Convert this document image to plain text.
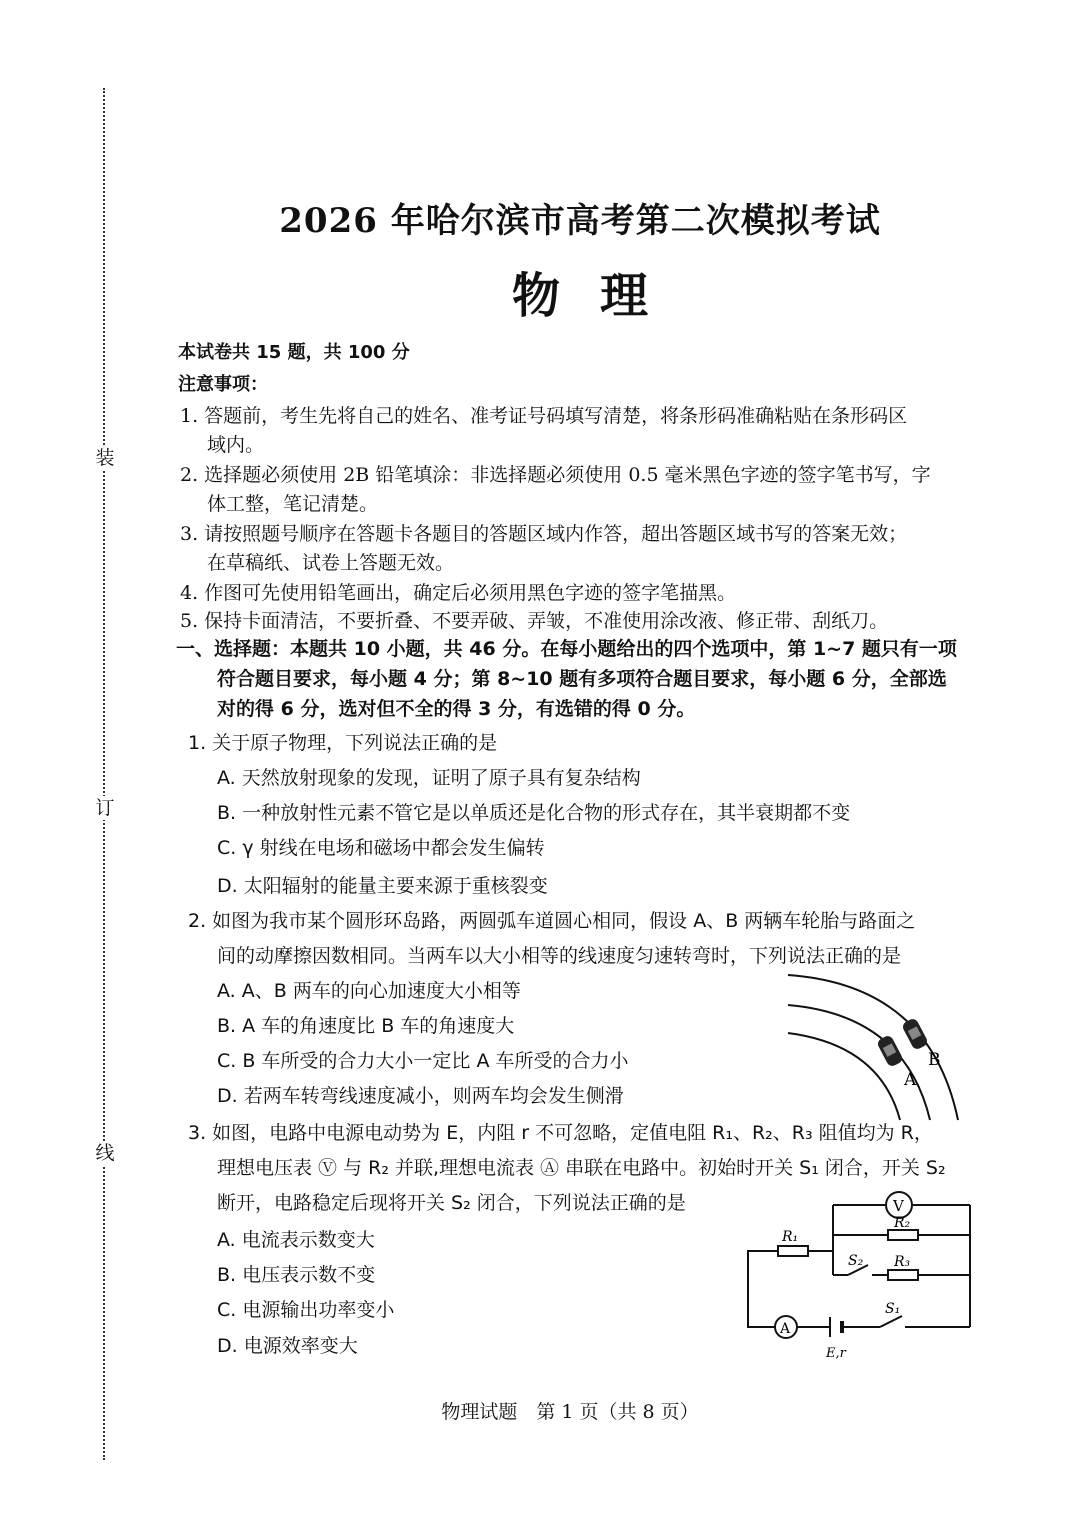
装
订
线
2026 年哈尔滨市高考第二次模拟考试
物理
本试卷共 15 题，共 100 分
注意事项：
1. 答题前，考生先将自己的姓名、准考证号码填写清楚，将条形码准确粘贴在条形码区
域内。
2. 选择题必须使用 2B 铅笔填涂：非选择题必须使用 0.5 毫米黑色字迹的签字笔书写，字
体工整，笔记清楚。
3. 请按照题号顺序在答题卡各题目的答题区域内作答，超出答题区域书写的答案无效；
在草稿纸、试卷上答题无效。
4. 作图可先使用铅笔画出，确定后必须用黑色字迹的签字笔描黑。
5. 保持卡面清洁，不要折叠、不要弄破、弄皱，不准使用涂改液、修正带、刮纸刀。
一、选择题：本题共 10 小题，共 46 分。在每小题给出的四个选项中，第 1~7 题只有一项
符合题目要求，每小题 4 分；第 8~10 题有多项符合题目要求，每小题 6 分，全部选
对的得 6 分，选对但不全的得 3 分，有选错的得 0 分。
1. 关于原子物理，下列说法正确的是
A. 天然放射现象的发现，证明了原子具有复杂结构
B. 一种放射性元素不管它是以单质还是化合物的形式存在，其半衰期都不变
C. γ 射线在电场和磁场中都会发生偏转
D. 太阳辐射的能量主要来源于重核裂变
2. 如图为我市某个圆形环岛路，两圆弧车道圆心相同，假设 A、B 两辆车轮胎与路面之
间的动摩擦因数相同。当两车以大小相等的线速度匀速转弯时，下列说法正确的是
A. A、B 两车的向心加速度大小相等
B. A 车的角速度比 B 车的角速度大
C. B 车所受的合力大小一定比 A 车所受的合力小
D. 若两车转弯线速度减小，则两车均会发生侧滑
B
A
3. 如图，电路中电源电动势为 E，内阻 r 不可忽略，定值电阻 R₁、R₂、R₃ 阻值均为 R，
理想电压表 Ⓥ 与 R₂ 并联,理想电流表 Ⓐ 串联在电路中。初始时开关 S₁ 闭合，开关 S₂
断开，电路稳定后现将开关 S₂ 闭合，下列说法正确的是
A. 电流表示数变大
B. 电压表示数不变
C. 电源输出功率变小
D. 电源效率变大
R₁
V
R₂
S₂ R₃
A
E,r
S₁
物理试题　第 1 页（共 8 页）
